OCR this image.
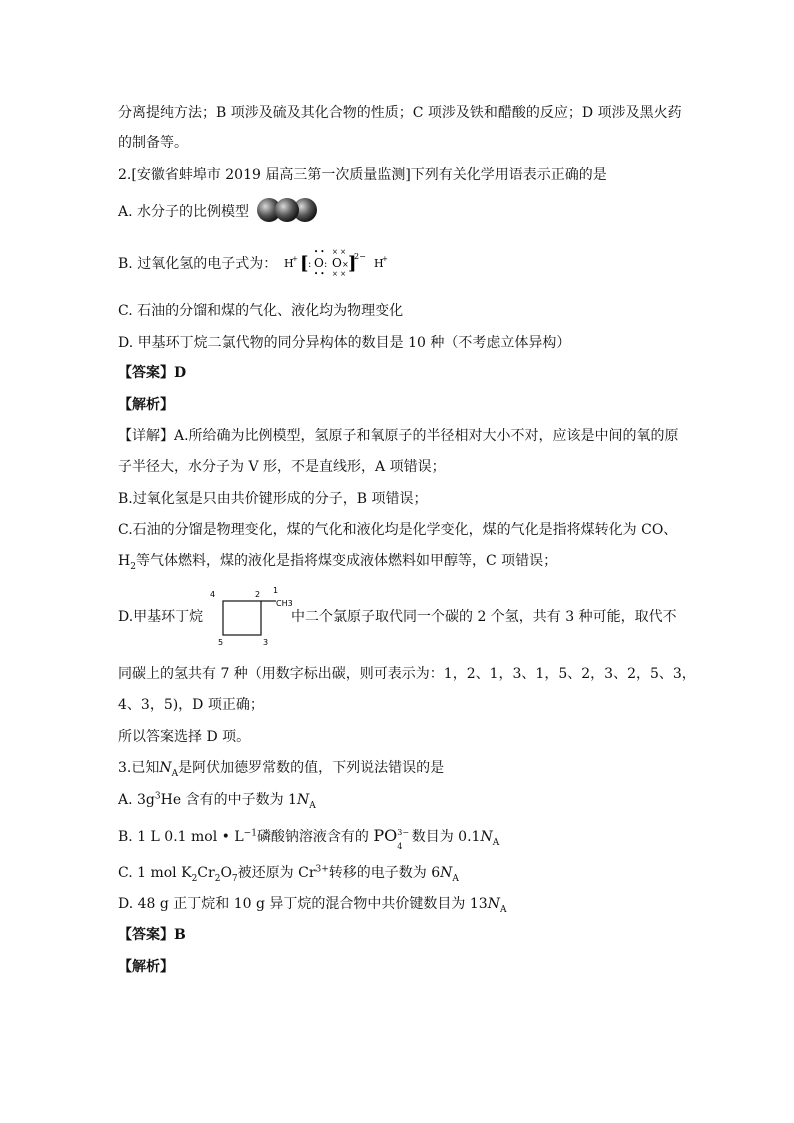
分离提纯方法；B 项涉及硫及其化合物的性质；C 项涉及铁和醋酸的反应；D 项涉及黑火药
的制备等。
2.[安徽省蚌埠市 2019 届高三第一次质量监测]下列有关化学用语表示正确的是
A. 水分子的比例模型
B. 过氧化氢的电子式为： H
+ [ : O
• •
• •
: O
× ×
× ×
× ]
2−
H
+
C. 石油的分馏和煤的气化、液化均为物理变化
D. 甲基环丁烷二氯代物的同分异构体的数目是 10 种（不考虑立体异构）
【答案】D
【解析】
【详解】A.所给确为比例模型，氢原子和氧原子的半径相对大小不对，应该是中间的氧的原
子半径大，水分子为 V 形，不是直线形，A 项错误；
B.过氧化氢是只由共价键形成的分子，B 项错误；
C.石油的分馏是物理变化，煤的气化和液化均是化学变化，煤的气化是指将煤转化为 CO、
$H_2$等气体燃料，煤的液化是指将煤变成液体燃料如甲醇等，C 项错误；
D.甲基环丁烷
4	2 1
CH3
5	3
中二个氯原子取代同一个碳的 2 个氢，共有 3 种可能，取代不
同碳上的氢共有 7 种（用数字标出碳，则可表示为：1，2、1，3、1，5、2，3、2，5、3，
4、3，5)，D 项正确；
所以答案选择 D 项。
3.已知$N_A$是阿伏加德罗常数的值，下列说法错误的是
A. $3g^3He$ 含有的中子数为 $1N_A$
B. 1 L 0.1 mol • $L^{-1}$磷酸钠溶液含有的 PO 3−
4
数目为 $0.1N_A$
C. 1 mol $K_2Cr_2O_7$被还原为 $Cr^{3+}$转移的电子数为 $6N_A$
D. 48 g 正丁烷和 10 g 异丁烷的混合物中共价键数目为 $13N_A$
【答案】B
【解析】
